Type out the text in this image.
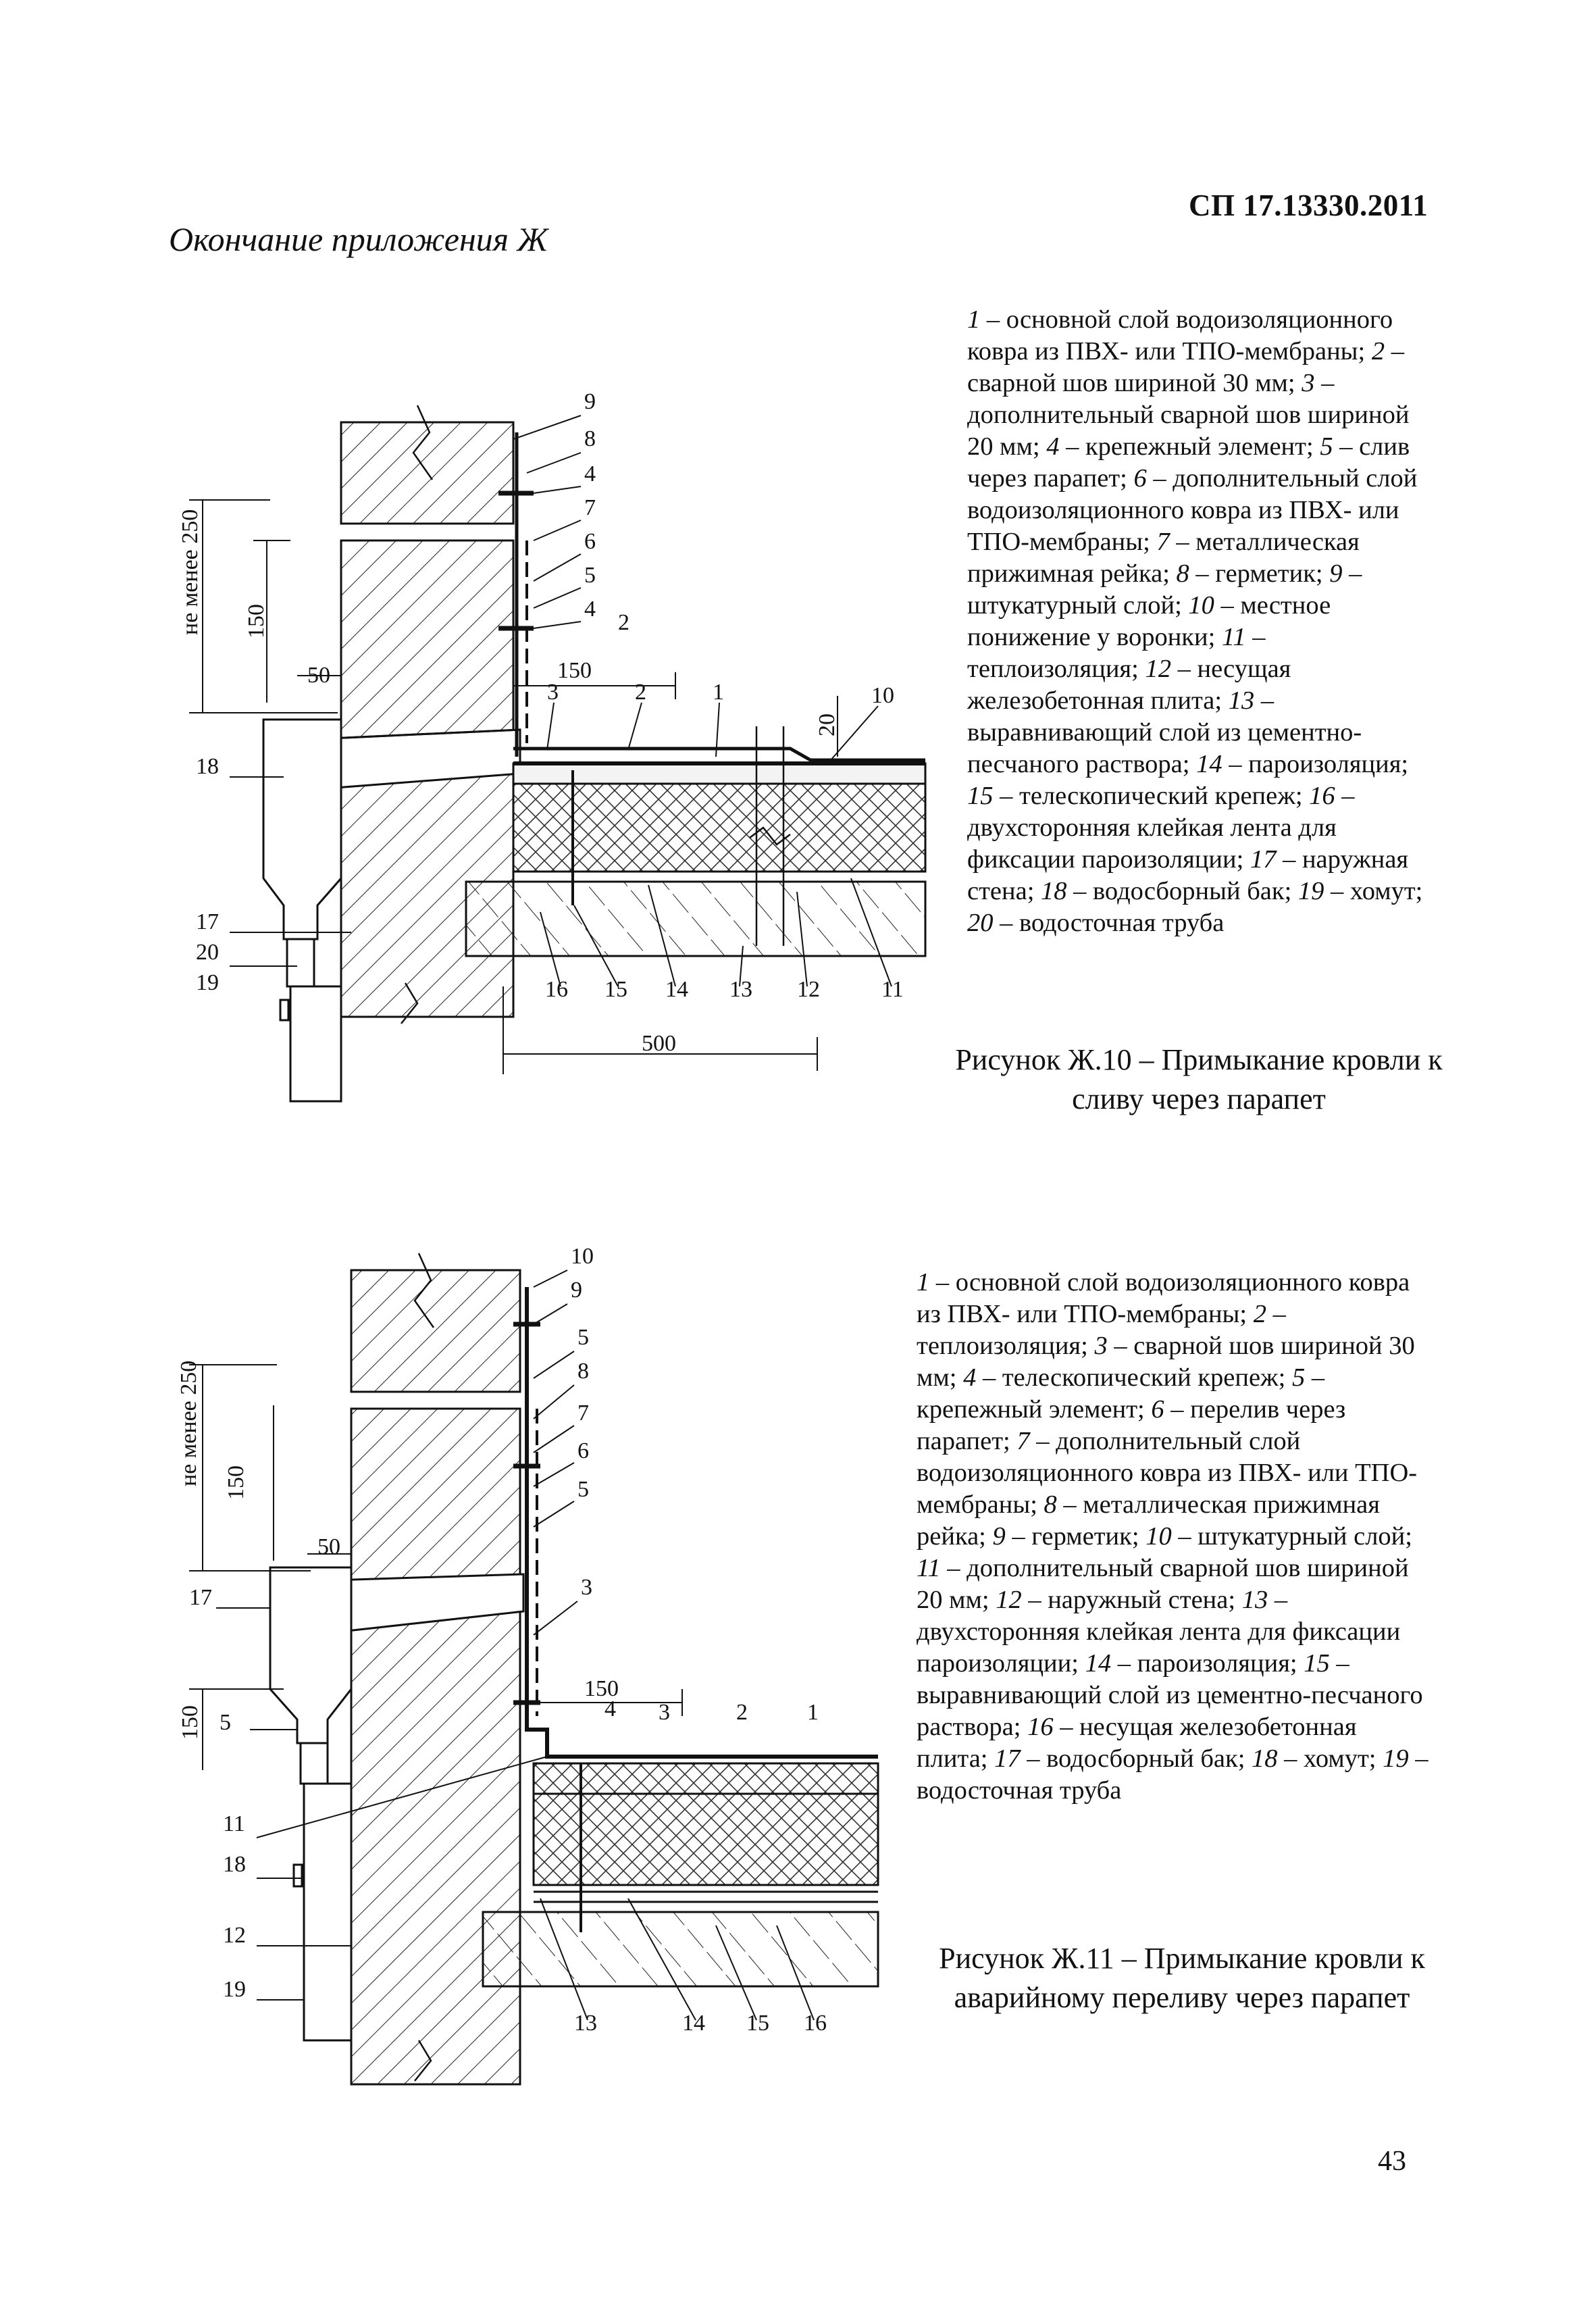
СП 17.13330.2011
Окончание приложения Ж
не менее 250 150
50	150
20
500
9
8
4
7
6
5
4
2
3	2	1	10
18
17
20
19	16 15 14 13 12	11
не менее 250 150
50
150
150
10
9
5
8
7
6
5
3
4 3	2	1
17
5
11
18
12
19
13	14 15 16
1 – основной слой водоизоляционного ковра из ПВХ- или ТПО-мембраны; 2 – сварной шов шириной 30 мм; 3 – дополнительный сварной шов шириной 20 мм; 4 – крепежный элемент; 5 – слив через парапет; 6 – дополнительный слой водоизоляционного ковра из ПВХ- или ТПО-мембраны; 7 – металлическая прижимная рейка; 8 – герметик; 9 – штукатурный слой; 10 – местное понижение у воронки; 11 – теплоизоляция; 12 – несущая железобетонная плита; 13 – выравнивающий слой из цементно-песчаного раствора; 14 – пароизоляция; 15 – телескопический крепеж; 16 – двухсторонняя клейкая лента для фиксации пароизоляции; 17 – наружная стена; 18 – водосборный бак; 19 – хомут; 20 – водосточная труба
Рисунок Ж.10 – Примыкание кровли к сливу через парапет
1 – основной слой водоизоляционного ковра из ПВХ- или ТПО-мембраны; 2 – теплоизоляция; 3 – сварной шов шириной 30 мм; 4 – телескопический крепеж; 5 – крепежный элемент; 6 – перелив через парапет; 7 – дополнительный слой водоизоляционного ковра из ПВХ- или ТПО-мембраны; 8 – металлическая прижимная рейка; 9 – герметик; 10 – штукатурный слой; 11 – дополнительный сварной шов шириной 20 мм; 12 – наружный стена; 13 – двухсторонняя клейкая лента для фиксации пароизоляции; 14 – пароизоляция; 15 – выравнивающий слой из цементно-песчаного раствора; 16 – несущая железобетонная плита; 17 – водосборный бак; 18 – хомут; 19 – водосточная труба
Рисунок Ж.11 – Примыкание кровли к аварийному переливу через парапет
43
